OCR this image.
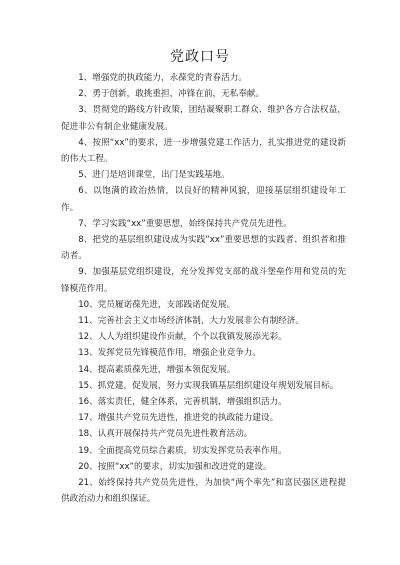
党政口号

1、增强党的执政能力，永葆党的青春活力。

2、勇于创新，敢挑重担，冲锋在前，无私奉献。

3、贯彻党的路线方针政策，团结凝聚职工群众、维护各方合法权益，促进非公有制企业健康发展。

4、按照“xx”的要求，进一步增强党建工作活力，扎实推进党的建设新的伟大工程。

5、进门是培训课堂，出门是实践基地。

6、以饱满的政治热情，以良好的精神风貌，迎接基层组织建设年工作。

7、学习实践“xx”重要思想，始终保持共产党员先进性。

8、把党的基层组织建设成为实践“xx”重要思想的实践者、组织者和推动者。

9、加强基层党组织建设，充分发挥党支部的战斗堡垒作用和党员的先锋模范作用。

10、党员履诺葆先进，支部践诺促发展。

11、完善社会主义市场经济体制，大力发展非公有制经济。

12、人人为组织建设作贡献，个个以我镇发展添光彩。

13、发挥党员先锋模范作用，增强企业竞争力。

14、提高素质葆先进，增强本领促发展。

15、抓党建，促发展，努力实现我镇基层组织建设年规划发展目标。

16、落实责任，健全体系，完善机制，增强组织活力。

17、增强共产党员先进性，推进党的执政能力建设。

18、认真开展保持共产党员先进性教育活动。

19、全面提高党员综合素质，切实发挥党员表率作用。

20、按照“xx”的要求，切实加强和改进党的建设。

21、始终保持共产党员先进性，为加快“两个率先”和富民强区进程提供政治动力和组织保证。
